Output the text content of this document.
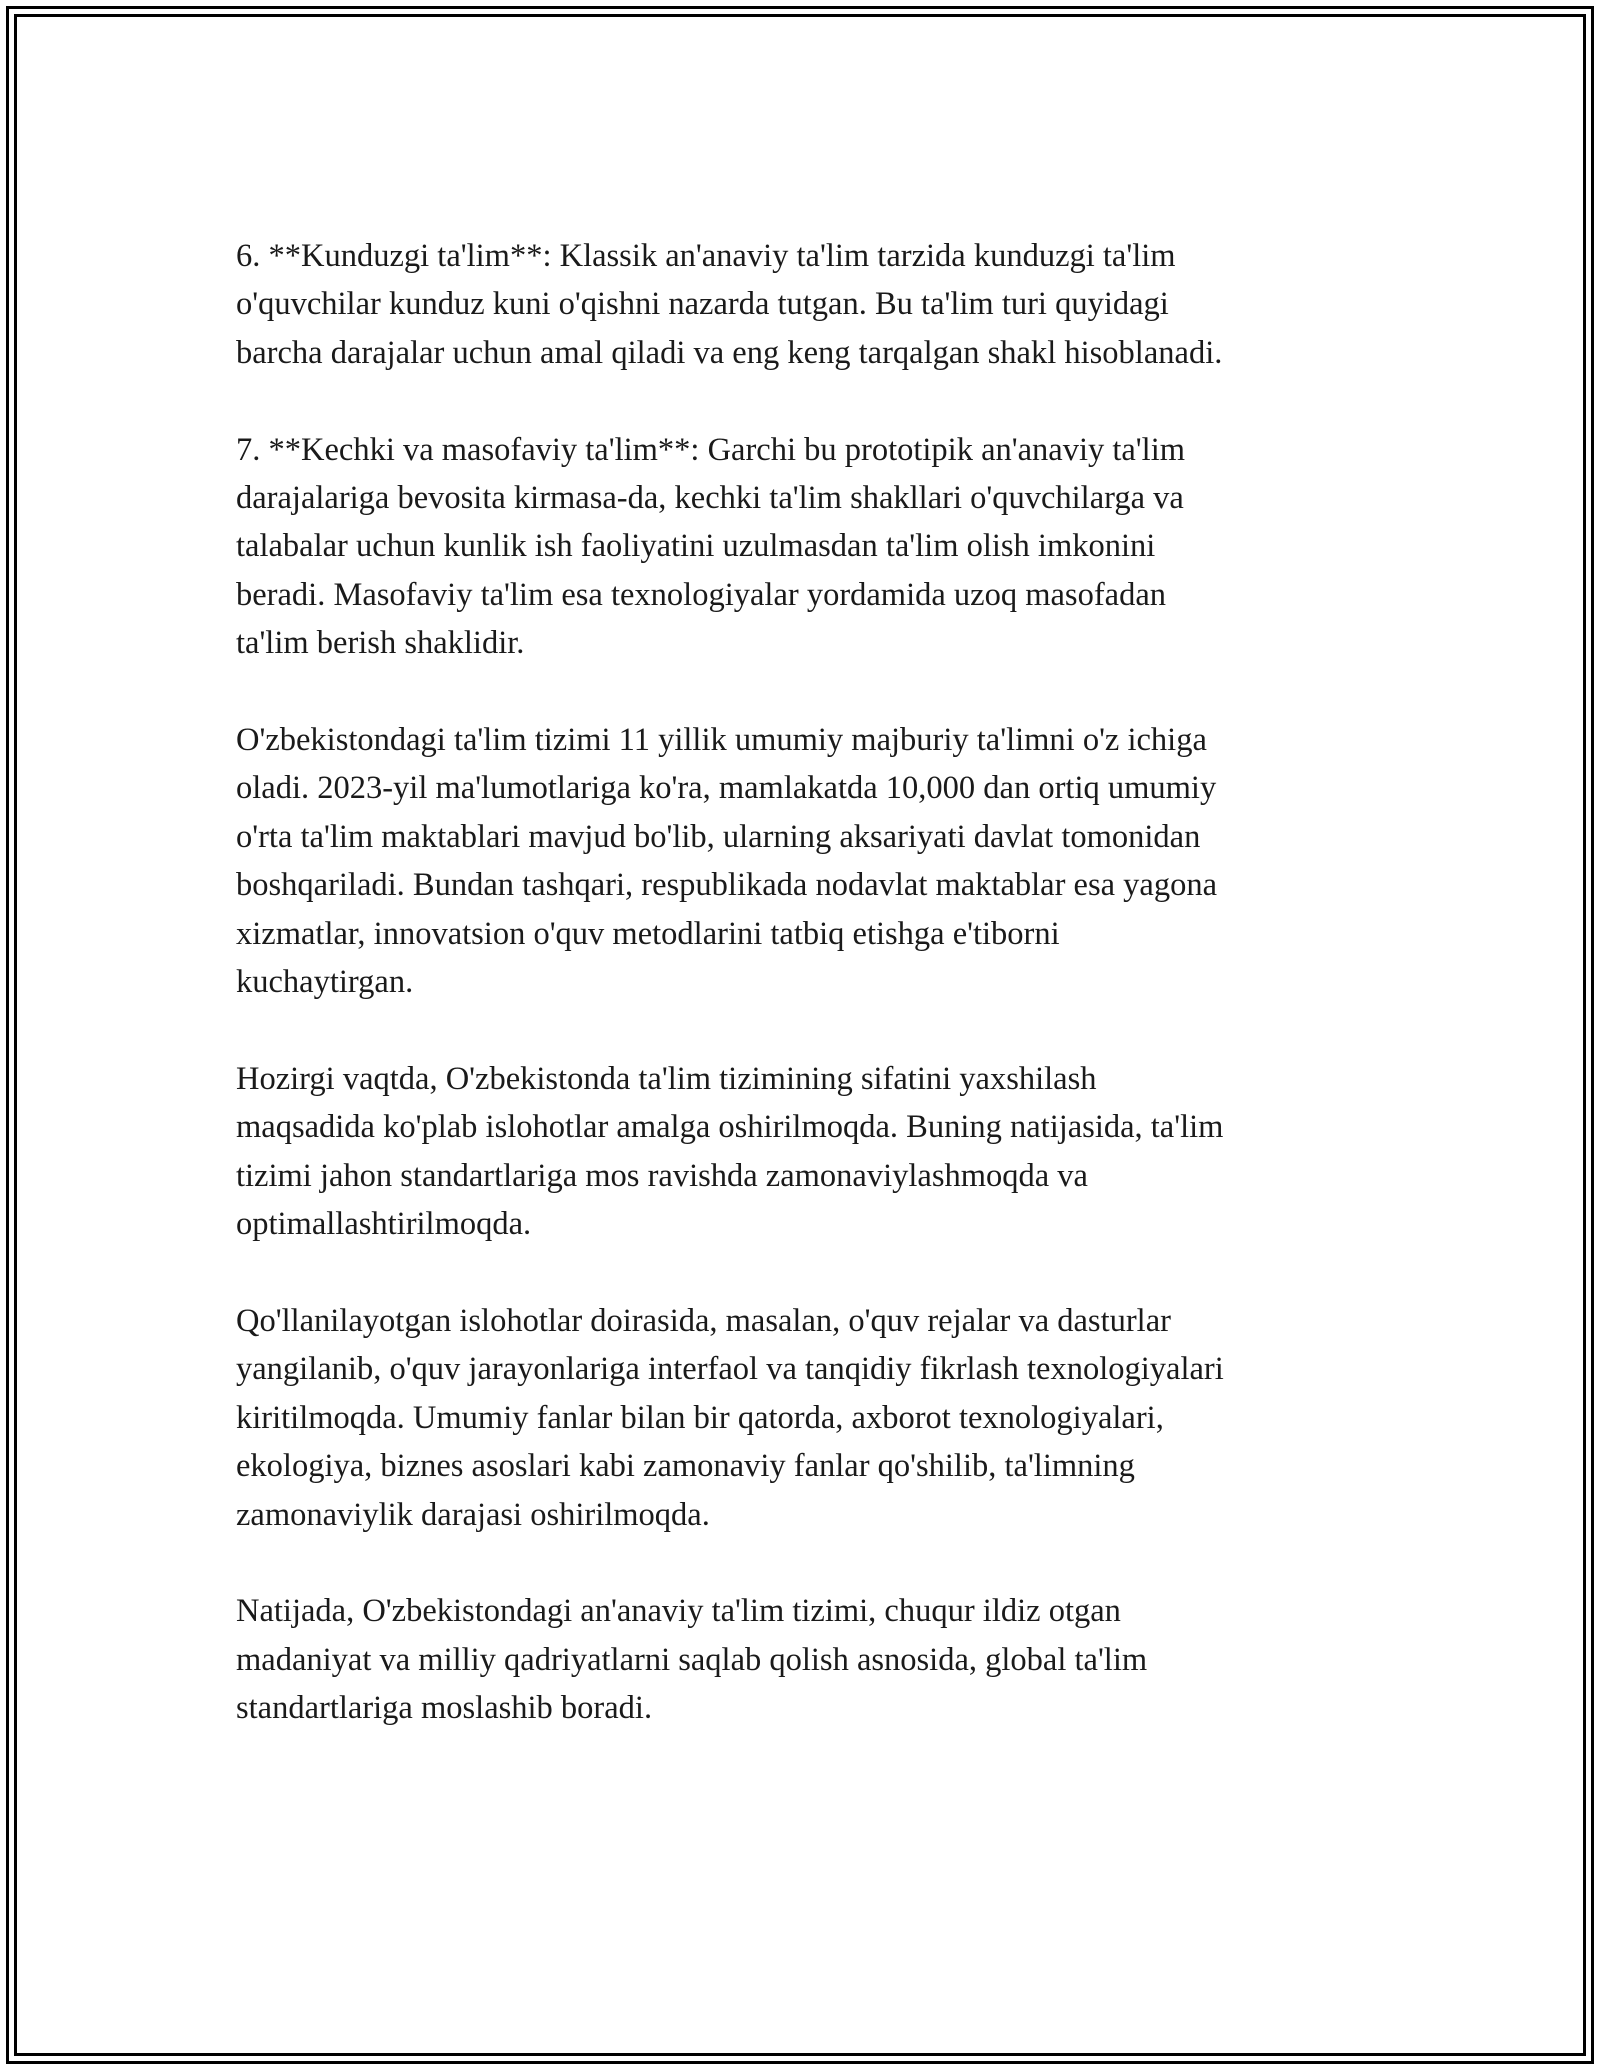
6. **Kunduzgi ta'lim**: Klassik an'anaviy ta'lim tarzida kunduzgi ta'lim
o'quvchilar kunduz kuni o'qishni nazarda tutgan. Bu ta'lim turi quyidagi
barcha darajalar uchun amal qiladi va eng keng tarqalgan shakl hisoblanadi.

7. **Kechki va masofaviy ta'lim**: Garchi bu prototipik an'anaviy ta'lim
darajalariga bevosita kirmasa-da, kechki ta'lim shakllari o'quvchilarga va
talabalar uchun kunlik ish faoliyatini uzulmasdan ta'lim olish imkonini
beradi. Masofaviy ta'lim esa texnologiyalar yordamida uzoq masofadan
ta'lim berish shaklidir.

O'zbekistondagi ta'lim tizimi 11 yillik umumiy majburiy ta'limni o'z ichiga
oladi. 2023-yil ma'lumotlariga ko'ra, mamlakatda 10,000 dan ortiq umumiy
o'rta ta'lim maktablari mavjud bo'lib, ularning aksariyati davlat tomonidan
boshqariladi. Bundan tashqari, respublikada nodavlat maktablar esa yagona
xizmatlar, innovatsion o'quv metodlarini tatbiq etishga e'tiborni
kuchaytirgan.

Hozirgi vaqtda, O'zbekistonda ta'lim tizimining sifatini yaxshilash
maqsadida ko'plab islohotlar amalga oshirilmoqda. Buning natijasida, ta'lim
tizimi jahon standartlariga mos ravishda zamonaviylashmoqda va
optimallashtirilmoqda.

Qo'llanilayotgan islohotlar doirasida, masalan, o'quv rejalar va dasturlar
yangilanib, o'quv jarayonlariga interfaol va tanqidiy fikrlash texnologiyalari
kiritilmoqda. Umumiy fanlar bilan bir qatorda, axborot texnologiyalari,
ekologiya, biznes asoslari kabi zamonaviy fanlar qo'shilib, ta'limning
zamonaviylik darajasi oshirilmoqda.

Natijada, O'zbekistondagi an'anaviy ta'lim tizimi, chuqur ildiz otgan
madaniyat va milliy qadriyatlarni saqlab qolish asnosida, global ta'lim
standartlariga moslashib boradi.
